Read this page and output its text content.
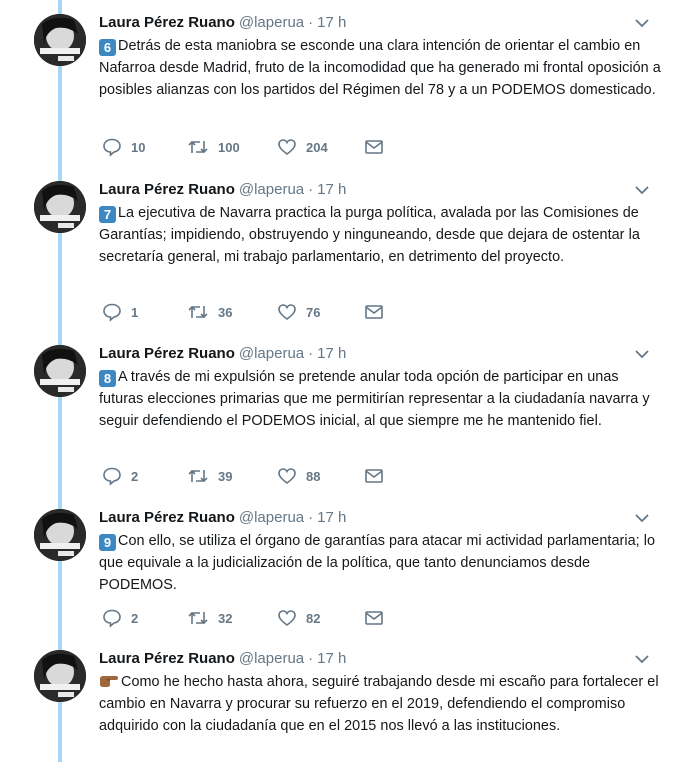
Laura Pérez Ruano @laperua · 17 h
6 Detrás de esta maniobra se esconde una clara intención de orientar el cambio en Nafarroa desde Madrid, fruto de la incomodidad que ha generado mi frontal oposición a posibles alianzas con los partidos del Régimen del 78 y a un PODEMOS domesticado.
10	100	204
Laura Pérez Ruano @laperua · 17 h
7 La ejecutiva de Navarra practica la purga política, avalada por las Comisiones de Garantías; impidiendo, obstruyendo y ninguneando, desde que dejara de ostentar la secretaría general, mi trabajo parlamentario, en detrimento del proyecto.
1	36	76
Laura Pérez Ruano @laperua · 17 h
8 A través de mi expulsión se pretende anular toda opción de participar en unas futuras elecciones primarias que me permitirían representar a la ciudadanía navarra y seguir defendiendo el PODEMOS inicial, al que siempre me he mantenido fiel.
2	39	88
Laura Pérez Ruano @laperua · 17 h
9 Con ello, se utiliza el órgano de garantías para atacar mi actividad parlamentaria; lo que equivale a la judicialización de la política, que tanto denunciamos desde PODEMOS.
2	32	82
Laura Pérez Ruano @laperua · 17 h
Como he hecho hasta ahora, seguiré trabajando desde mi escaño para fortalecer el cambio en Navarra y procurar su refuerzo en el 2019, defendiendo el compromiso adquirido con la ciudadanía que en el 2015 nos llevó a las instituciones.
